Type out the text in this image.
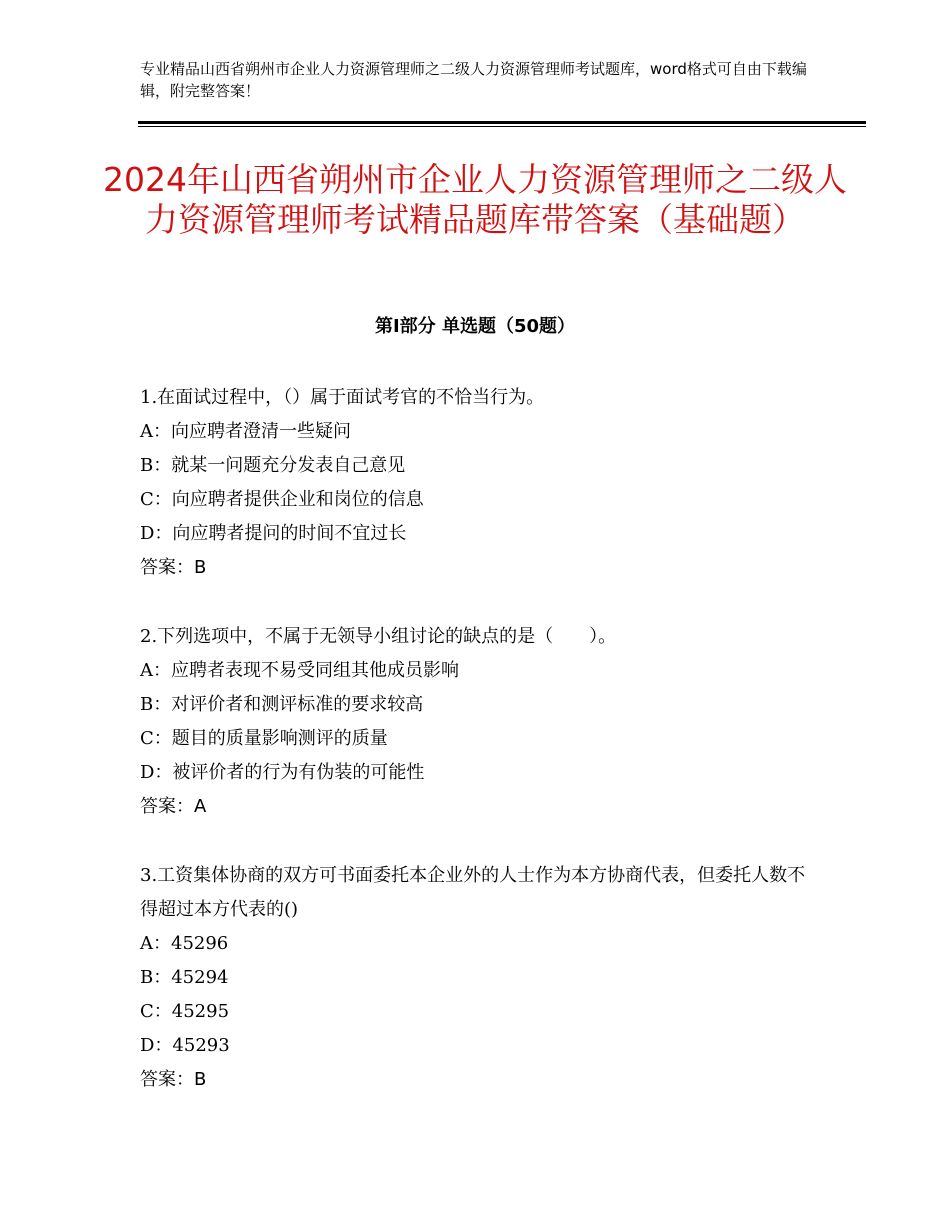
专业精品山西省朔州市企业人力资源管理师之二级人力资源管理师考试题库，word格式可自由下载编辑，附完整答案！
2024年山西省朔州市企业人力资源管理师之二级人力资源管理师考试精品题库带答案（基础题）
第Ⅰ部分 单选题（50题）
1.在面试过程中，（）属于面试考官的不恰当行为。
A：向应聘者澄清一些疑问
B：就某一问题充分发表自己意见
C：向应聘者提供企业和岗位的信息
D：向应聘者提问的时间不宜过长
答案：B
2.下列选项中，不属于无领导小组讨论的缺点的是（　　）。
A：应聘者表现不易受同组其他成员影响
B：对评价者和测评标准的要求较高
C：题目的质量影响测评的质量
D：被评价者的行为有伪装的可能性
答案：A
3.工资集体协商的双方可书面委托本企业外的人士作为本方协商代表，但委托人数不得超过本方代表的()
A：45296
B：45294
C：45295
D：45293
答案：B
